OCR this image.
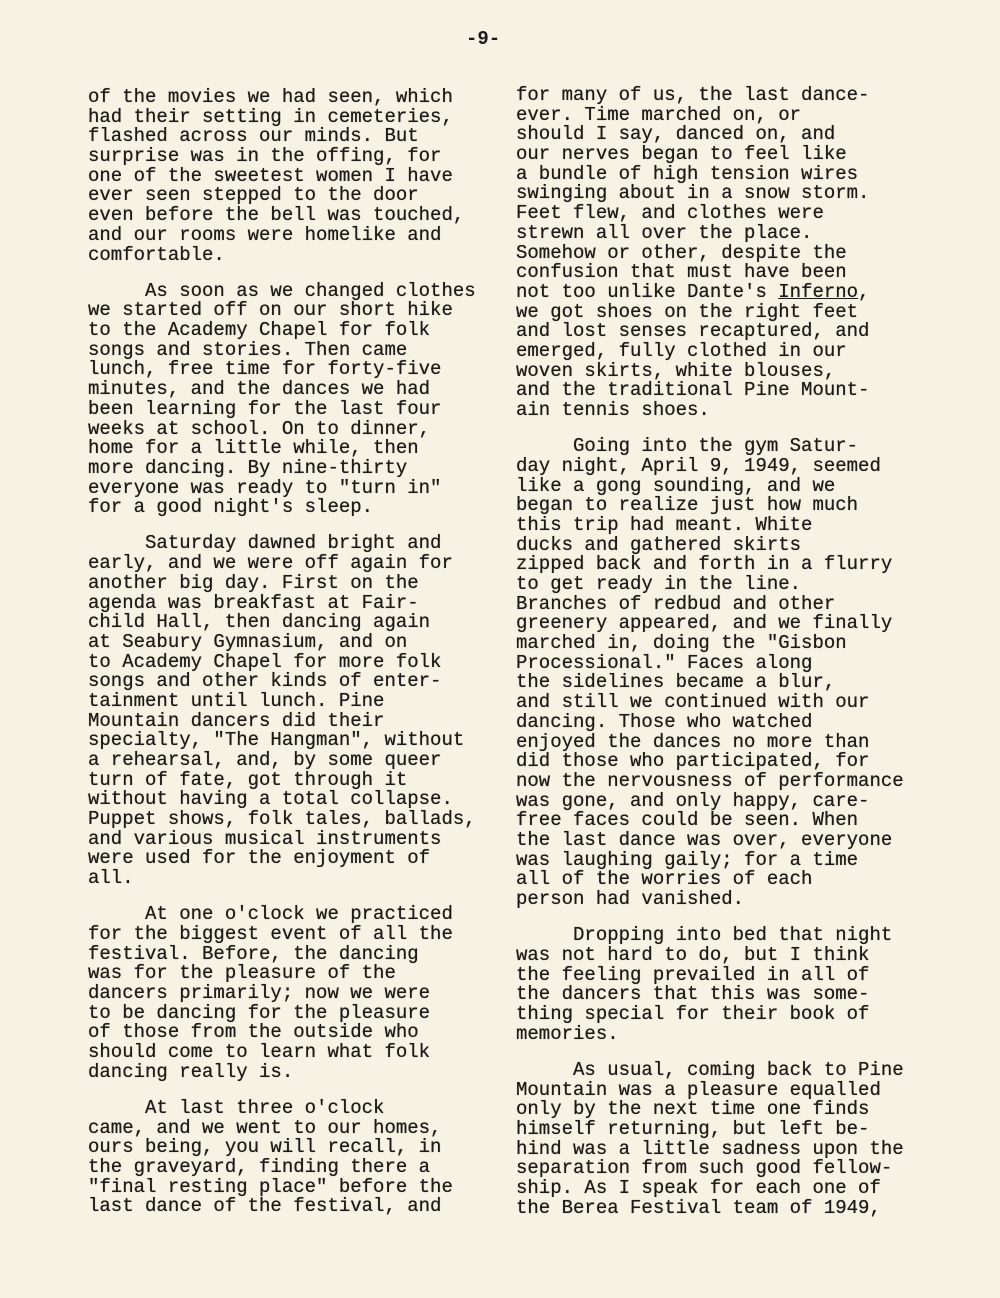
-9-
of the movies we had seen, which
had their setting in cemeteries,
flashed across our minds. But
surprise was in the offing, for
one of the sweetest women I have
ever seen stepped to the door
even before the bell was touched,
and our rooms were homelike and
comfortable.
As soon as we changed clothes
we started off on our short hike
to the Academy Chapel for folk
songs and stories. Then came
lunch, free time for forty-five
minutes, and the dances we had
been learning for the last four
weeks at school. On to dinner,
home for a little while, then
more dancing. By nine-thirty
everyone was ready to "turn in"
for a good night's sleep.
Saturday dawned bright and
early, and we were off again for
another big day. First on the
agenda was breakfast at Fair-
child Hall, then dancing again
at Seabury Gymnasium, and on
to Academy Chapel for more folk
songs and other kinds of enter-
tainment until lunch. Pine
Mountain dancers did their
specialty, "The Hangman", without
a rehearsal, and, by some queer
turn of fate, got through it
without having a total collapse.
Puppet shows, folk tales, ballads,
and various musical instruments
were used for the enjoyment of
all.
At one o'clock we practiced
for the biggest event of all the
festival. Before, the dancing
was for the pleasure of the
dancers primarily; now we were
to be dancing for the pleasure
of those from the outside who
should come to learn what folk
dancing really is.
At last three o'clock
came, and we went to our homes,
ours being, you will recall, in
the graveyard, finding there a
"final resting place" before the
last dance of the festival, and
for many of us, the last dance-
ever. Time marched on, or
should I say, danced on, and
our nerves began to feel like
a bundle of high tension wires
swinging about in a snow storm.
Feet flew, and clothes were
strewn all over the place.
Somehow or other, despite the
confusion that must have been
not too unlike Dante's Inferno,
we got shoes on the right feet
and lost senses recaptured, and
emerged, fully clothed in our
woven skirts, white blouses,
and the traditional Pine Mount-
ain tennis shoes.
Going into the gym Satur-
day night, April 9, 1949, seemed
like a gong sounding, and we
began to realize just how much
this trip had meant. White
ducks and gathered skirts
zipped back and forth in a flurry
to get ready in the line.
Branches of redbud and other
greenery appeared, and we finally
marched in, doing the "Gisbon
Processional." Faces along
the sidelines became a blur,
and still we continued with our
dancing. Those who watched
enjoyed the dances no more than
did those who participated, for
now the nervousness of performance
was gone, and only happy, care-
free faces could be seen. When
the last dance was over, everyone
was laughing gaily; for a time
all of the worries of each
person had vanished.
Dropping into bed that night
was not hard to do, but I think
the feeling prevailed in all of
the dancers that this was some-
thing special for their book of
memories.
As usual, coming back to Pine
Mountain was a pleasure equalled
only by the next time one finds
himself returning, but left be-
hind was a little sadness upon the
separation from such good fellow-
ship. As I speak for each one of
the Berea Festival team of 1949,
